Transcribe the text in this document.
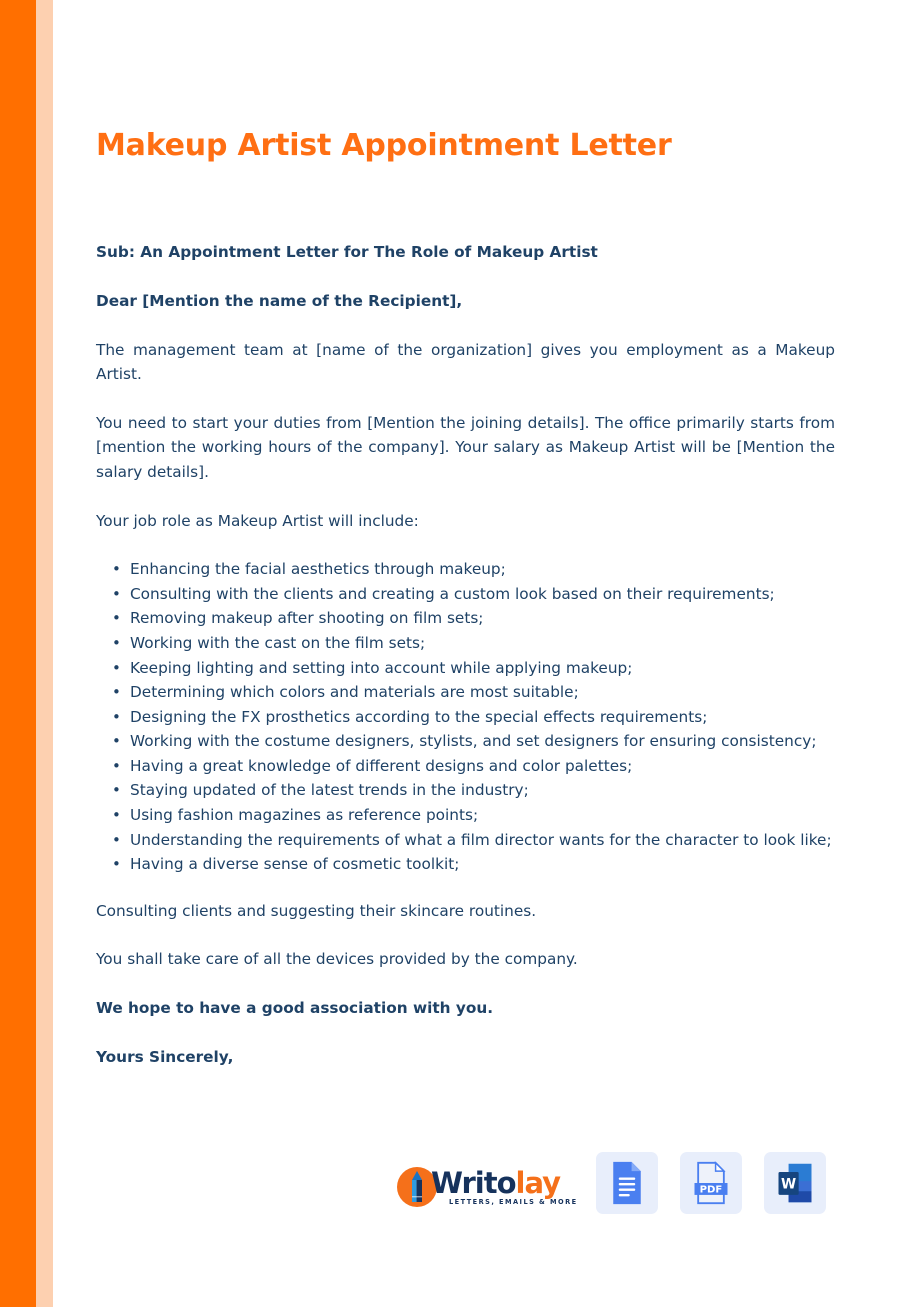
Makeup Artist Appointment Letter

Sub: An Appointment Letter for The Role of Makeup Artist

Dear [Mention the name of the Recipient],

The management team at [name of the organization] gives you employment as a Makeup Artist.

You need to start your duties from [Mention the joining details]. The office primarily starts from [mention the working hours of the company]. Your salary as Makeup Artist will be [Mention the salary details].

Your job role as Makeup Artist will include:

• Enhancing the facial aesthetics through makeup;
• Consulting with the clients and creating a custom look based on their requirements;
• Removing makeup after shooting on film sets;
• Working with the cast on the film sets;
• Keeping lighting and setting into account while applying makeup;
• Determining which colors and materials are most suitable;
• Designing the FX prosthetics according to the special effects requirements;
• Working with the costume designers, stylists, and set designers for ensuring consistency;
• Having a great knowledge of different designs and color palettes;
• Staying updated of the latest trends in the industry;
• Using fashion magazines as reference points;
• Understanding the requirements of what a film director wants for the character to look like;
• Having a diverse sense of cosmetic toolkit;

Consulting clients and suggesting their skincare routines.

You shall take care of all the devices provided by the company.

We hope to have a good association with you.

Yours Sincerely,

Writolay
LETTERS, EMAILS & MORE
PDF	W
